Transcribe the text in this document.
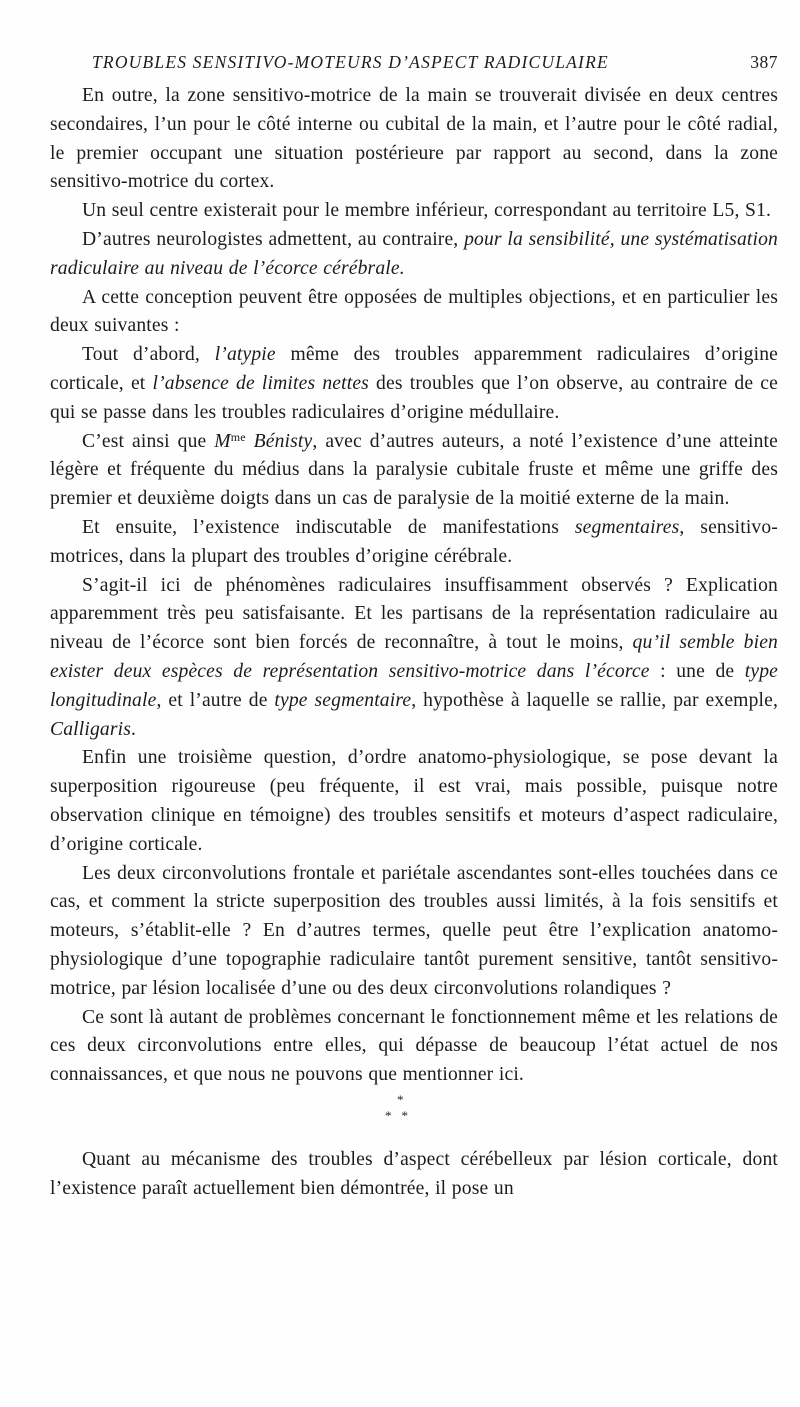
TROUBLES SENSITIVO-MOTEURS D’ASPECT RADICULAIRE	387

En outre, la zone sensitivo-motrice de la main se trouverait divisée en deux centres secondaires, l’un pour le côté interne ou cubital de la main, et l’autre pour le côté radial, le premier occupant une situation postérieure par rapport au second, dans la zone sensitivo-motrice du cortex.

Un seul centre existerait pour le membre inférieur, correspondant au territoire L5, S1.

D’autres neurologistes admettent, au contraire, pour la sensibilité, une systématisation radiculaire au niveau de l’écorce cérébrale.

A cette conception peuvent être opposées de multiples objections, et en particulier les deux suivantes :

Tout d’abord, l’atypie même des troubles apparemment radiculaires d’origine corticale, et l’absence de limites nettes des troubles que l’on observe, au contraire de ce qui se passe dans les troubles radiculaires d’origine médullaire.

C’est ainsi que $M^{me}$ Bénisty, avec d’autres auteurs, a noté l’existence d’une atteinte légère et fréquente du médius dans la paralysie cubitale fruste et même une griffe des premier et deuxième doigts dans un cas de paralysie de la moitié externe de la main.

Et ensuite, l’existence indiscutable de manifestations segmentaires, sensitivo-motrices, dans la plupart des troubles d’origine cérébrale.

S’agit-il ici de phénomènes radiculaires insuffisamment observés ? Explication apparemment très peu satisfaisante. Et les partisans de la représentation radiculaire au niveau de l’écorce sont bien forcés de reconnaître, à tout le moins, qu’il semble bien exister deux espèces de représentation sensitivo-motrice dans l’écorce : une de type longitudinale, et l’autre de type segmentaire, hypothèse à laquelle se rallie, par exemple, Calligaris.

Enfin une troisième question, d’ordre anatomo-physiologique, se pose devant la superposition rigoureuse (peu fréquente, il est vrai, mais possible, puisque notre observation clinique en témoigne) des troubles sensitifs et moteurs d’aspect radiculaire, d’origine corticale.

Les deux circonvolutions frontale et pariétale ascendantes sont-elles touchées dans ce cas, et comment la stricte superposition des troubles aussi limités, à la fois sensitifs et moteurs, s’établit-elle ? En d’autres termes, quelle peut être l’explication anatomo-physiologique d’une topographie radiculaire tantôt purement sensitive, tantôt sensitivo-motrice, par lésion localisée d’une ou des deux circonvolutions rolandiques ?

Ce sont là autant de problèmes concernant le fonctionnement même et les relations de ces deux circonvolutions entre elles, qui dépasse de beaucoup l’état actuel de nos connaissances, et que nous ne pouvons que mentionner ici.

*
**

Quant au mécanisme des troubles d’aspect cérébelleux par lésion corticale, dont l’existence paraît actuellement bien démontrée, il pose un
